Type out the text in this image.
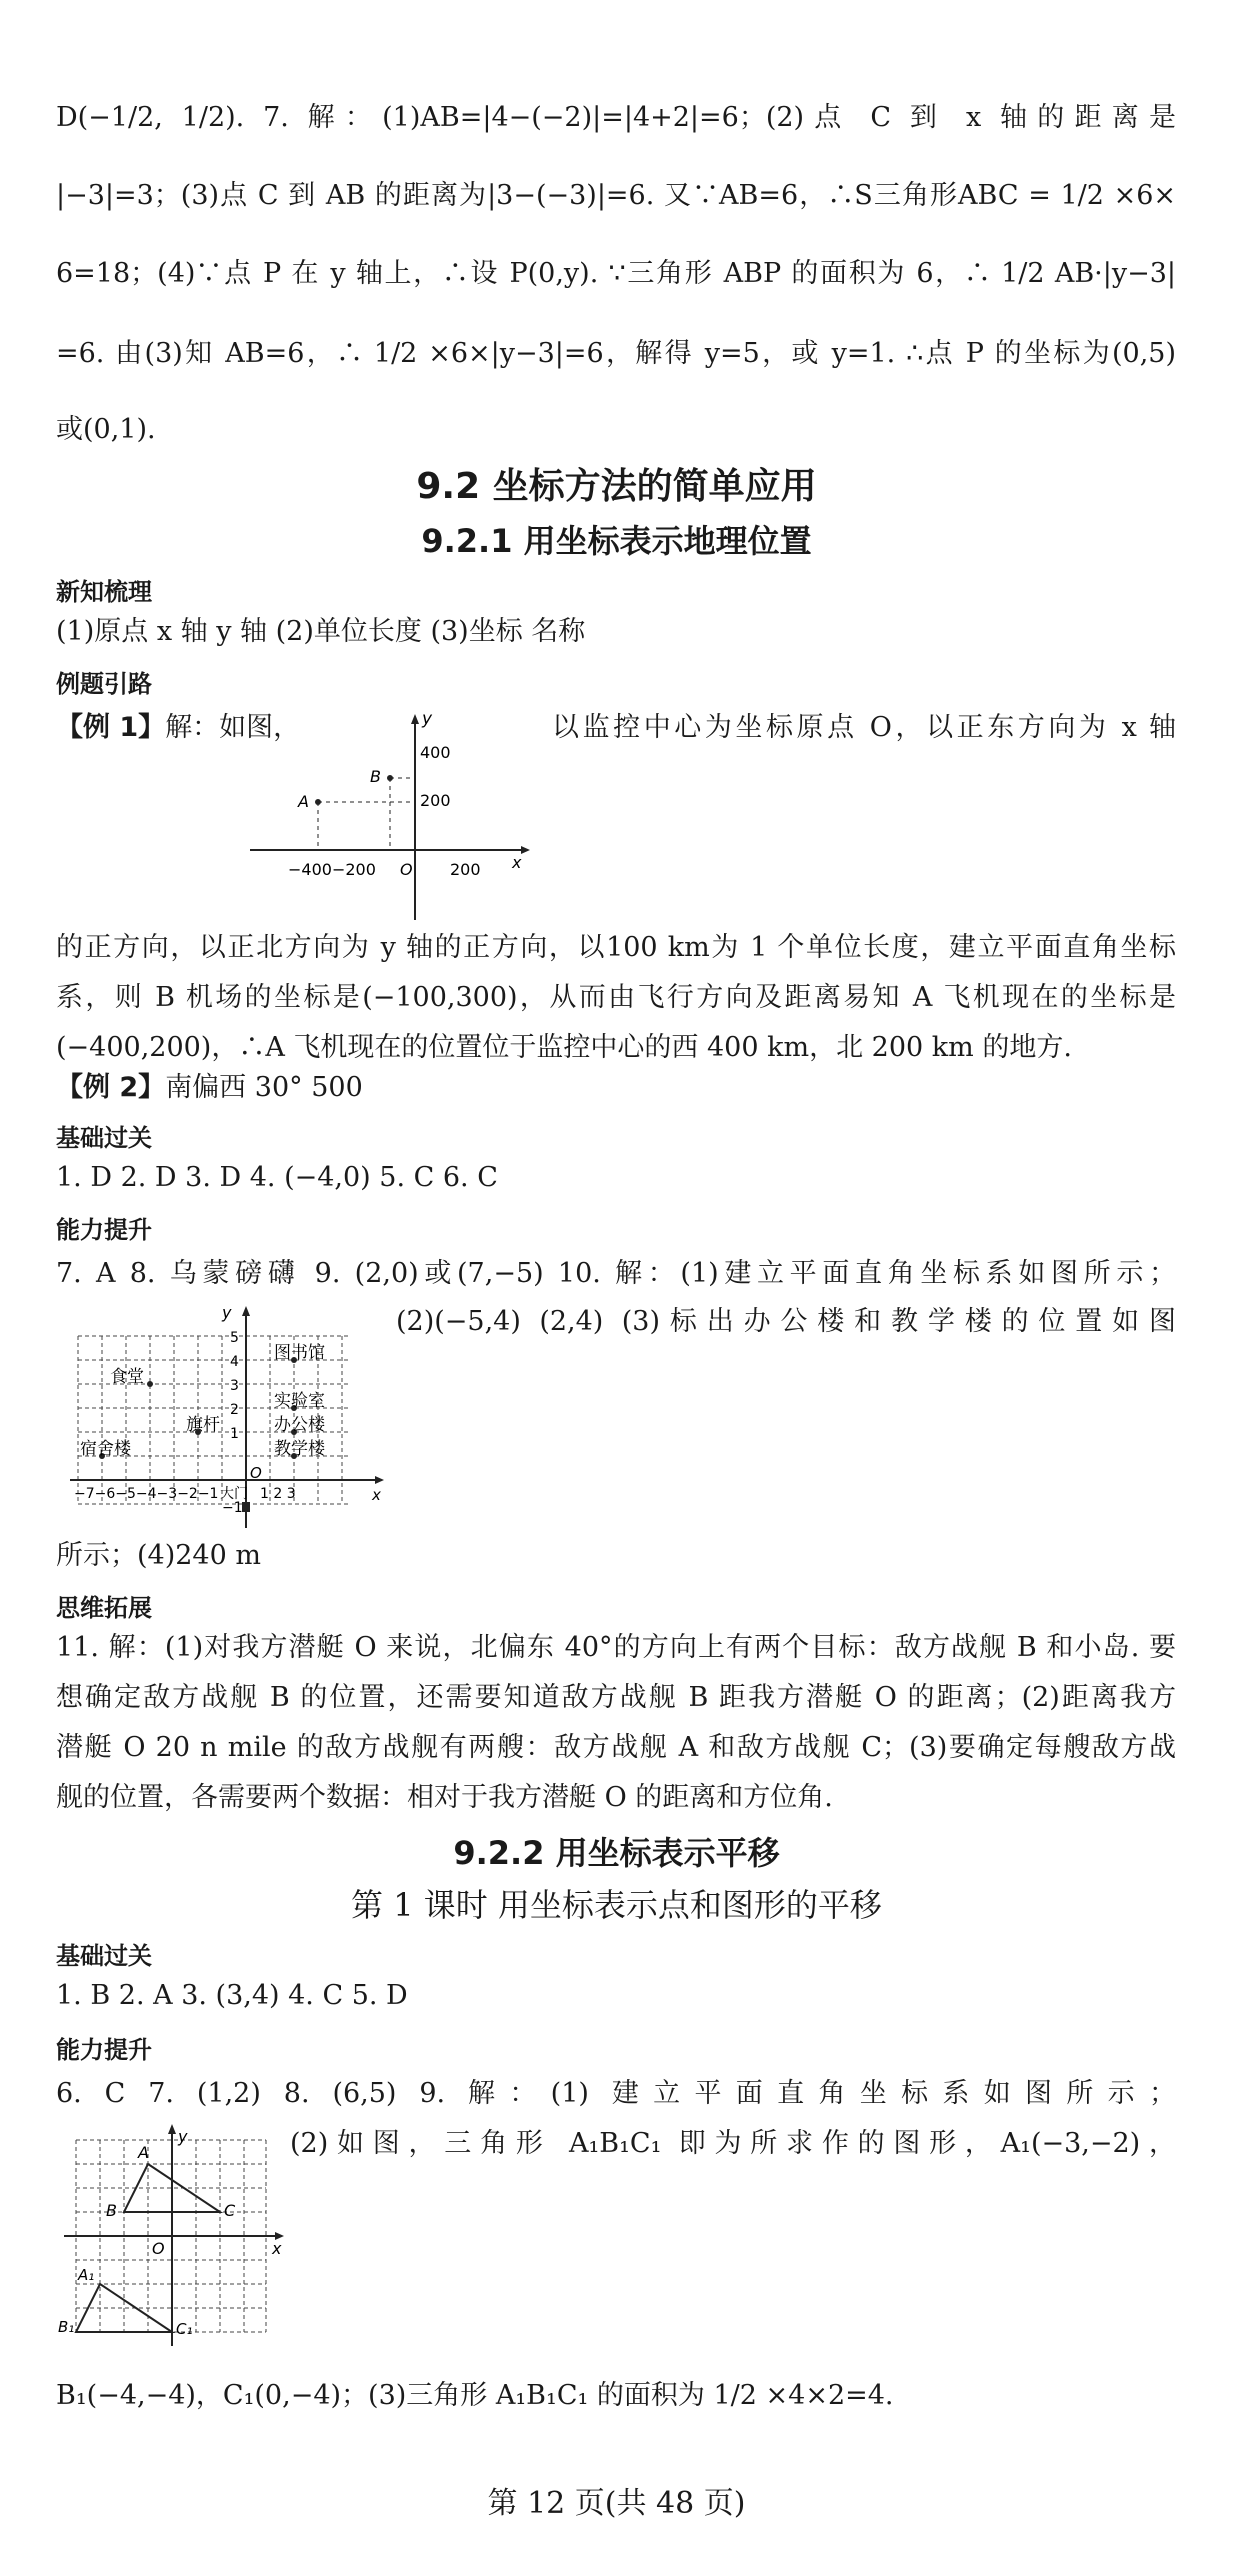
D(−1/2, 1/2). 7. 解：(1)AB=|4−(−2)|=|4+2|=6；(2)点 C 到 x 轴的距离是
|−3|=3；(3)点 C 到 AB 的距离为|3−(−3)|=6. 又∵AB=6，∴S三角形ABC = 1/2 ×6×
6=18；(4)∵点 P 在 y 轴上，∴设 P(0,y). ∵三角形 ABP 的面积为 6，∴ 1/2 AB·|y−3|
=6. 由(3)知 AB=6，∴ 1/2 ×6×|y−3|=6，解得 y=5，或 y=1. ∴点 P 的坐标为(0,5)
或(0,1).
9.2 坐标方法的简单应用
9.2.1 用坐标表示地理位置
新知梳理
(1)原点 x 轴 y 轴 (2)单位长度 (3)坐标 名称
例题引路
【例 1】解：如图，	以监控中心为坐标原点 O，以正东方向为 x 轴
y
400
200
A
B
−400−200 O 200 x
的正方向，以正北方向为 y 轴的正方向，以100 km为 1 个单位长度，建立平面直角坐标
系，则 B 机场的坐标是(−100,300)，从而由飞行方向及距离易知 A 飞机现在的坐标是
(−400,200)，∴A 飞机现在的位置位于监控中心的西 400 km，北 200 km 的地方.
【例 2】南偏西 30° 500
基础过关
1. D 2. D 3. D 4. (−4,0) 5. C 6. C
能力提升
7. A 8. 乌蒙磅礴 9. (2,0)或(7,−5) 10. 解：(1)建立平面直角坐标系如图所示；
(2)(−5,4) (2,4) (3)标出办公楼和教学楼的位置如图
y
图书馆
食堂
实验室
旗杆	办公楼
宿舍楼	教学楼
O
−7−6−5−4−3−2−1	1 2 3
大门	x
5
4
3
2
1
−1
所示；(4)240 m
思维拓展
11. 解：(1)对我方潜艇 O 来说，北偏东 40°的方向上有两个目标：敌方战舰 B 和小岛. 要
想确定敌方战舰 B 的位置，还需要知道敌方战舰 B 距我方潜艇 O 的距离；(2)距离我方
潜艇 O 20 n mile 的敌方战舰有两艘：敌方战舰 A 和敌方战舰 C；(3)要确定每艘敌方战
舰的位置，各需要两个数据：相对于我方潜艇 O 的距离和方位角.
9.2.2 用坐标表示平移
第 1 课时 用坐标表示点和图形的平移
基础过关
1. B 2. A 3. (3,4) 4. C 5. D
能力提升
6. C 7. (1,2) 8. (6,5) 9. 解：(1) 建立平面直角坐标系如图所示；
(2)如图，三角形 A₁B₁C₁ 即为所求作的图形，A₁(−3,−2)，
A
y
B	C
O	x
A₁
B₁	C₁
B₁(−4,−4)，C₁(0,−4)；(3)三角形 A₁B₁C₁ 的面积为 1/2 ×4×2=4.
第 12 页(共 48 页)
